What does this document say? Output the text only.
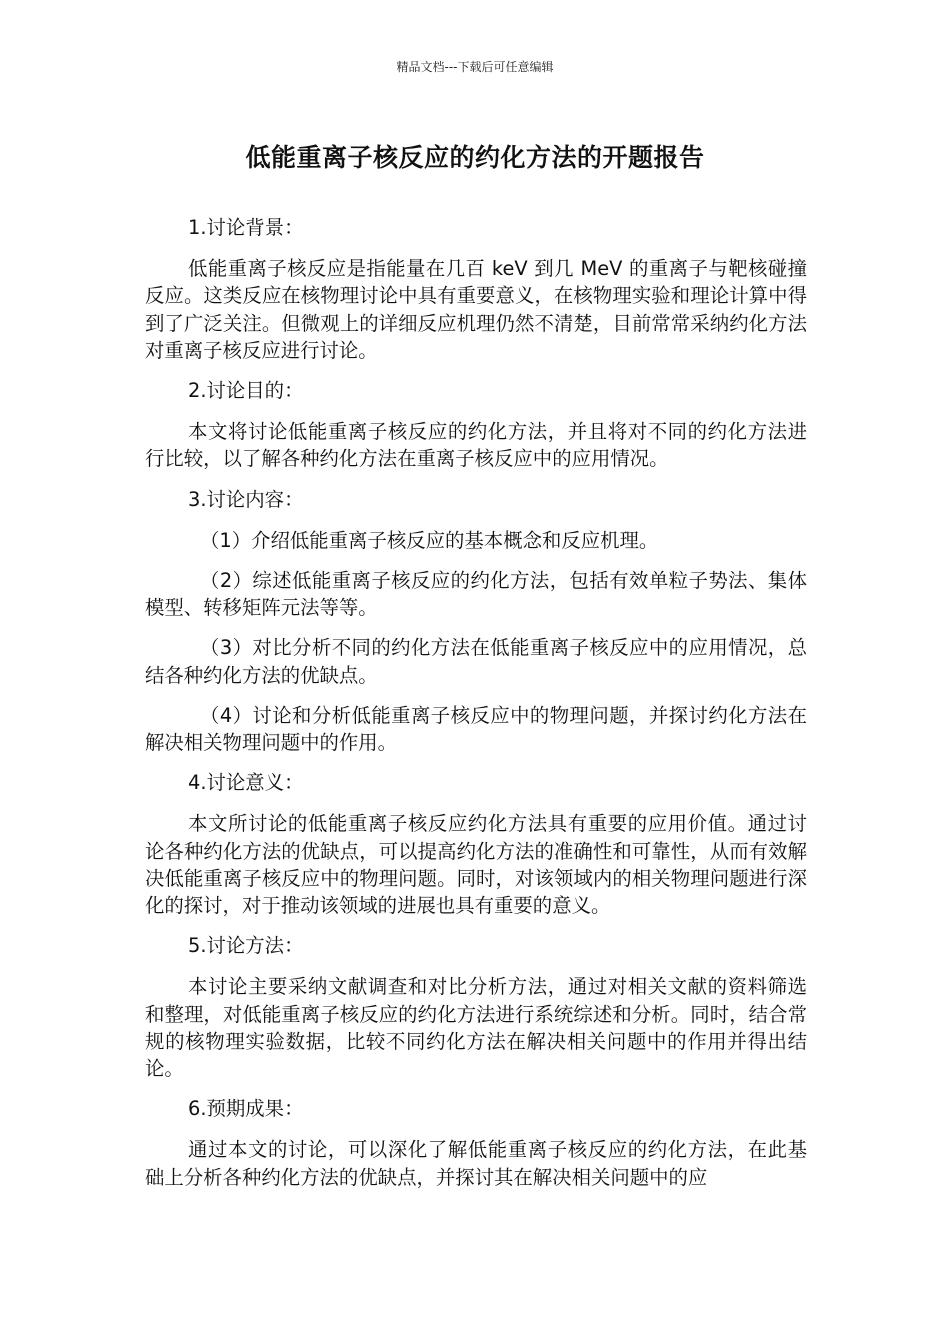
精品文档---下载后可任意编辑
低能重离子核反应的约化方法的开题报告
1.讨论背景：

低能重离子核反应是指能量在几百 keV 到几 MeV 的重离子与靶核碰撞反应。这类反应在核物理讨论中具有重要意义，在核物理实验和理论计算中得到了广泛关注。但微观上的详细反应机理仍然不清楚，目前常常采纳约化方法对重离子核反应进行讨论。

2.讨论目的：

本文将讨论低能重离子核反应的约化方法，并且将对不同的约化方法进行比较，以了解各种约化方法在重离子核反应中的应用情况。

3.讨论内容：

（1）介绍低能重离子核反应的基本概念和反应机理。

（2）综述低能重离子核反应的约化方法，包括有效单粒子势法、集体模型、转移矩阵元法等等。

（3）对比分析不同的约化方法在低能重离子核反应中的应用情况，总结各种约化方法的优缺点。

（4）讨论和分析低能重离子核反应中的物理问题，并探讨约化方法在解决相关物理问题中的作用。

4.讨论意义：

本文所讨论的低能重离子核反应约化方法具有重要的应用价值。通过讨论各种约化方法的优缺点，可以提高约化方法的准确性和可靠性，从而有效解决低能重离子核反应中的物理问题。同时，对该领域内的相关物理问题进行深化的探讨，对于推动该领域的进展也具有重要的意义。

5.讨论方法：

本讨论主要采纳文献调查和对比分析方法，通过对相关文献的资料筛选和整理，对低能重离子核反应的约化方法进行系统综述和分析。同时，结合常规的核物理实验数据，比较不同约化方法在解决相关问题中的作用并得出结论。

6.预期成果：

通过本文的讨论，可以深化了解低能重离子核反应的约化方法，在此基础上分析各种约化方法的优缺点，并探讨其在解决相关问题中的应
